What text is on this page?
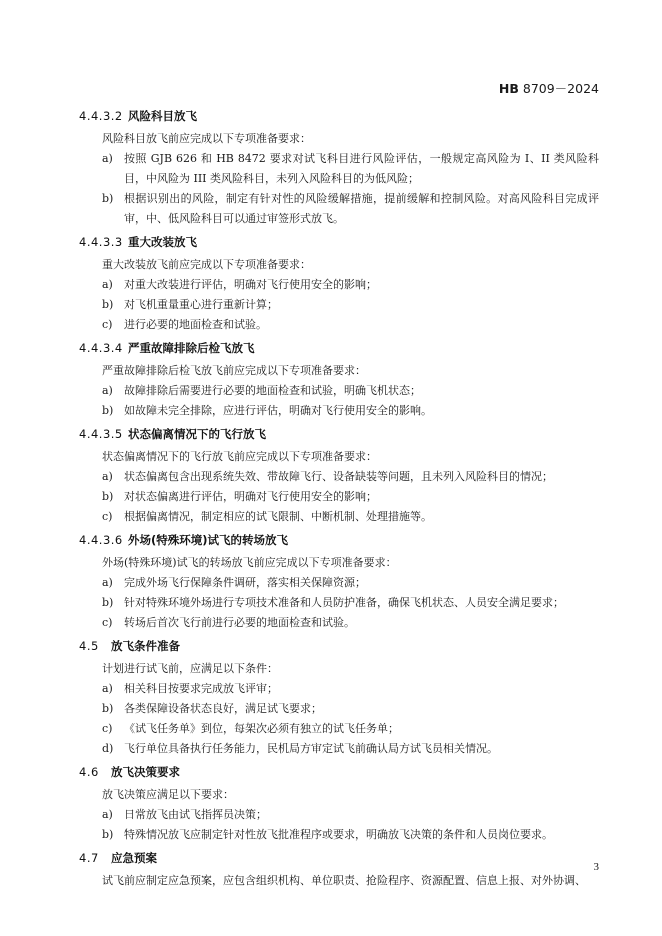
HB 8709－2024
4.4.3.2 风险科目放飞
风险科目放飞前应完成以下专项准备要求：
a)	按照 GJB 626 和 HB 8472 要求对试飞科目进行风险评估，一般规定高风险为 I、II 类风险科目，中风险为 III 类风险科目，未列入风险科目的为低风险；
b) 根据识别出的风险，制定有针对性的风险缓解措施，提前缓解和控制风险。对高风险科目完成评审，中、低风险科目可以通过审签形式放飞。
4.4.3.3 重大改装放飞
重大改装放飞前应完成以下专项准备要求：
a)	对重大改装进行评估，明确对飞行使用安全的影响；
b) 对飞机重量重心进行重新计算；
c)	进行必要的地面检查和试验。
4.4.3.4 严重故障排除后检飞放飞
严重故障排除后检飞放飞前应完成以下专项准备要求：
a)	故障排除后需要进行必要的地面检查和试验，明确飞机状态；
b) 如故障未完全排除，应进行评估，明确对飞行使用安全的影响。
4.4.3.5 状态偏离情况下的飞行放飞
状态偏离情况下的飞行放飞前应完成以下专项准备要求：
a)	状态偏离包含出现系统失效、带故障飞行、设备缺装等问题，且未列入风险科目的情况；
b) 对状态偏离进行评估，明确对飞行使用安全的影响；
c)	根据偏离情况，制定相应的试飞限制、中断机制、处理措施等。
4.4.3.6 外场(特殊环境)试飞的转场放飞
外场(特殊环境)试飞的转场放飞前应完成以下专项准备要求：
a)	完成外场飞行保障条件调研，落实相关保障资源；
b) 针对特殊环境外场进行专项技术准备和人员防护准备，确保飞机状态、人员安全满足要求；
c)	转场后首次飞行前进行必要的地面检查和试验。
4.5 放飞条件准备
计划进行试飞前，应满足以下条件：
a)	相关科目按要求完成放飞评审；
b) 各类保障设备状态良好，满足试飞要求；
c)	《试飞任务单》到位，每架次必须有独立的试飞任务单；
d) 飞行单位具备执行任务能力，民机局方审定试飞前确认局方试飞员相关情况。
4.6 放飞决策要求
放飞决策应满足以下要求：
a)	日常放飞由试飞指挥员决策；
b) 特殊情况放飞应制定针对性放飞批准程序或要求，明确放飞决策的条件和人员岗位要求。
4.7 应急预案
试飞前应制定应急预案，应包含组织机构、单位职责、抢险程序、资源配置、信息上报、对外协调、
3
